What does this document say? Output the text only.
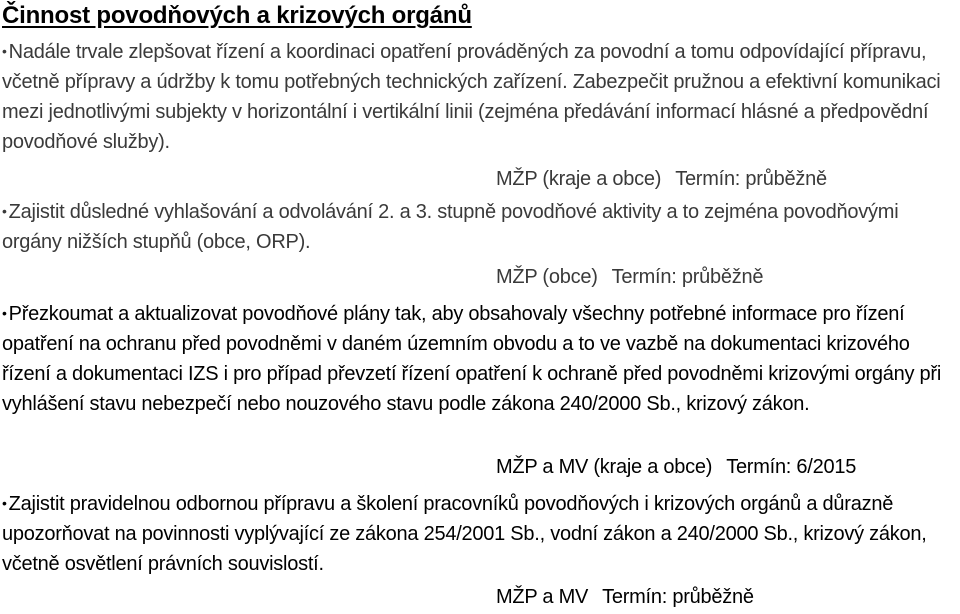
Činnost povodňových a krizových orgánů
• Nadále trvale zlepšovat řízení a koordinaci opatření prováděných za povodní a tomu odpovídající přípravu, včetně přípravy a údržby k tomu potřebných technických zařízení. Zabezpečit pružnou a efektivní komunikaci mezi jednotlivými subjekty v horizontální i vertikální linii (zejména předávání informací hlásné a předpovědní povodňové služby).
MŽP (kraje a obce) Termín: průběžně
• Zajistit důsledné vyhlašování a odvolávání 2. a 3. stupně povodňové aktivity a to zejména povodňovými orgány nižších stupňů (obce, ORP).
MŽP (obce) Termín: průběžně
• Přezkoumat a aktualizovat povodňové plány tak, aby obsahovaly všechny potřebné informace pro řízení opatření na ochranu před povodněmi v daném územním obvodu a to ve vazbě na dokumentaci krizového řízení a dokumentaci IZS i pro případ převzetí řízení opatření k ochraně před povodněmi krizovými orgány při vyhlášení stavu nebezpečí nebo nouzového stavu podle zákona 240/2000 Sb., krizový zákon.
MŽP a MV (kraje a obce) Termín: 6/2015
• Zajistit pravidelnou odbornou přípravu a školení pracovníků povodňových i krizových orgánů a důrazně upozorňovat na povinnosti vyplývající ze zákona 254/2001 Sb., vodní zákon a 240/2000 Sb., krizový zákon, včetně osvětlení právních souvislostí.
MŽP a MV Termín: průběžně
